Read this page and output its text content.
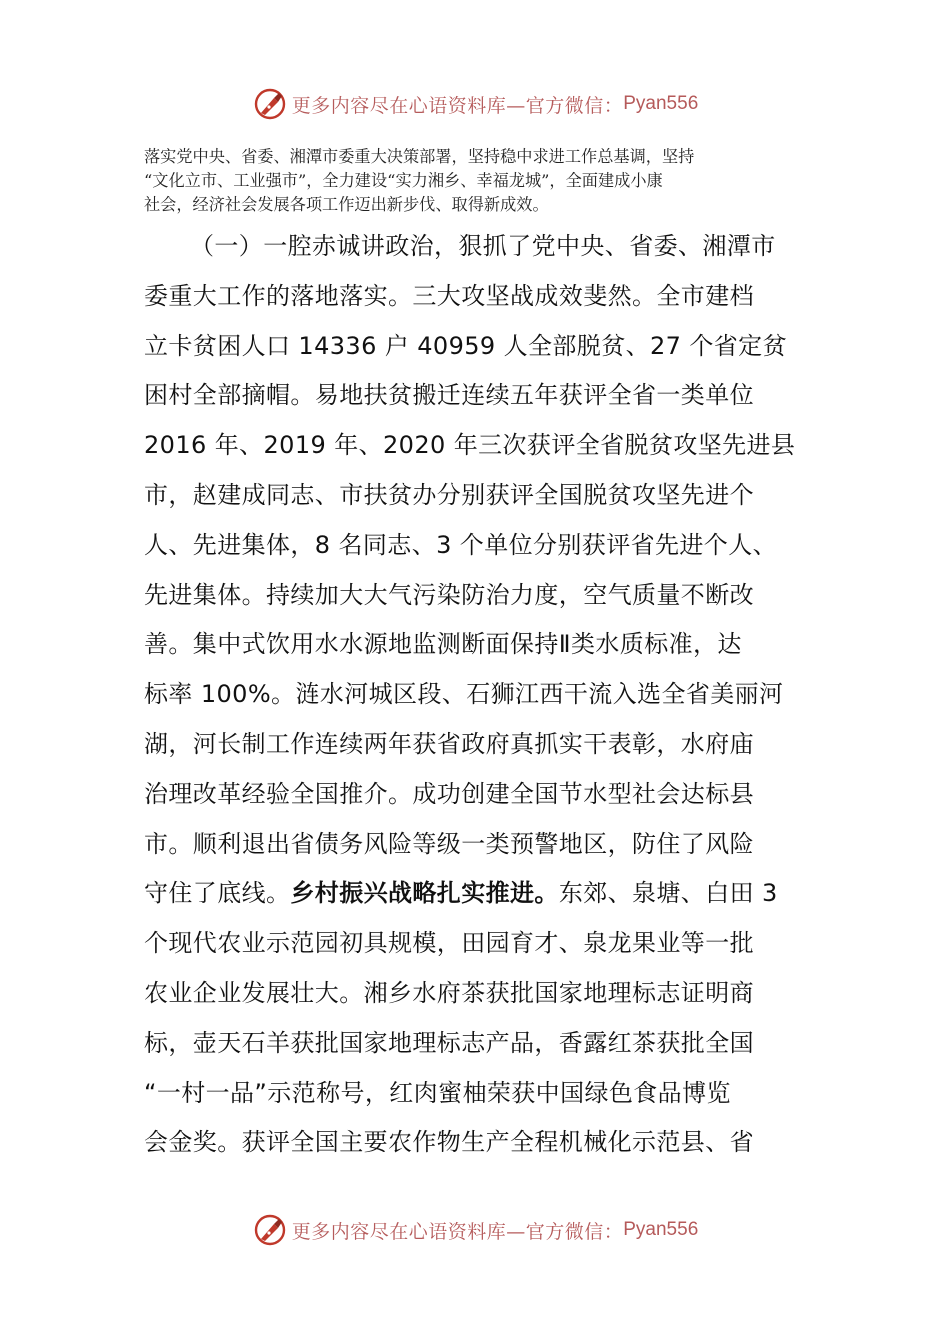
更多内容尽在心语资料库—官方微信： Pyan556
落实党中央、省委、湘潭市委重大决策部署，坚持稳中求进工作总基调，坚持
“文化立市、工业强市”，全力建设“实力湘乡、幸福龙城”，全面建成小康
社会，经济社会发展各项工作迈出新步伐、取得新成效。
（一）一腔赤诚讲政治，狠抓了党中央、省委、湘潭市
委重大工作的落地落实。三大攻坚战成效斐然。全市建档
立卡贫困人口 14336 户 40959 人全部脱贫、27 个省定贫
困村全部摘帽。易地扶贫搬迁连续五年获评全省一类单位
2016 年、2019 年、2020 年三次获评全省脱贫攻坚先进县
市，赵建成同志、市扶贫办分别获评全国脱贫攻坚先进个
人、先进集体，8 名同志、3 个单位分别获评省先进个人、
先进集体。持续加大大气污染防治力度，空气质量不断改
善。集中式饮用水水源地监测断面保持Ⅱ类水质标准，达
标率 100%。涟水河城区段、石狮江西干流入选全省美丽河
湖，河长制工作连续两年获省政府真抓实干表彰，水府庙
治理改革经验全国推介。成功创建全国节水型社会达标县
市。顺利退出省债务风险等级一类预警地区，防住了风险
守住了底线。乡村振兴战略扎实推进。东郊、泉塘、白田 3
个现代农业示范园初具规模，田园育才、泉龙果业等一批
农业企业发展壮大。湘乡水府茶获批国家地理标志证明商
标，壶天石羊获批国家地理标志产品，香露红茶获批全国
“一村一品”示范称号，红肉蜜柚荣获中国绿色食品博览
会金奖。获评全国主要农作物生产全程机械化示范县、省
更多内容尽在心语资料库—官方微信： Pyan556
